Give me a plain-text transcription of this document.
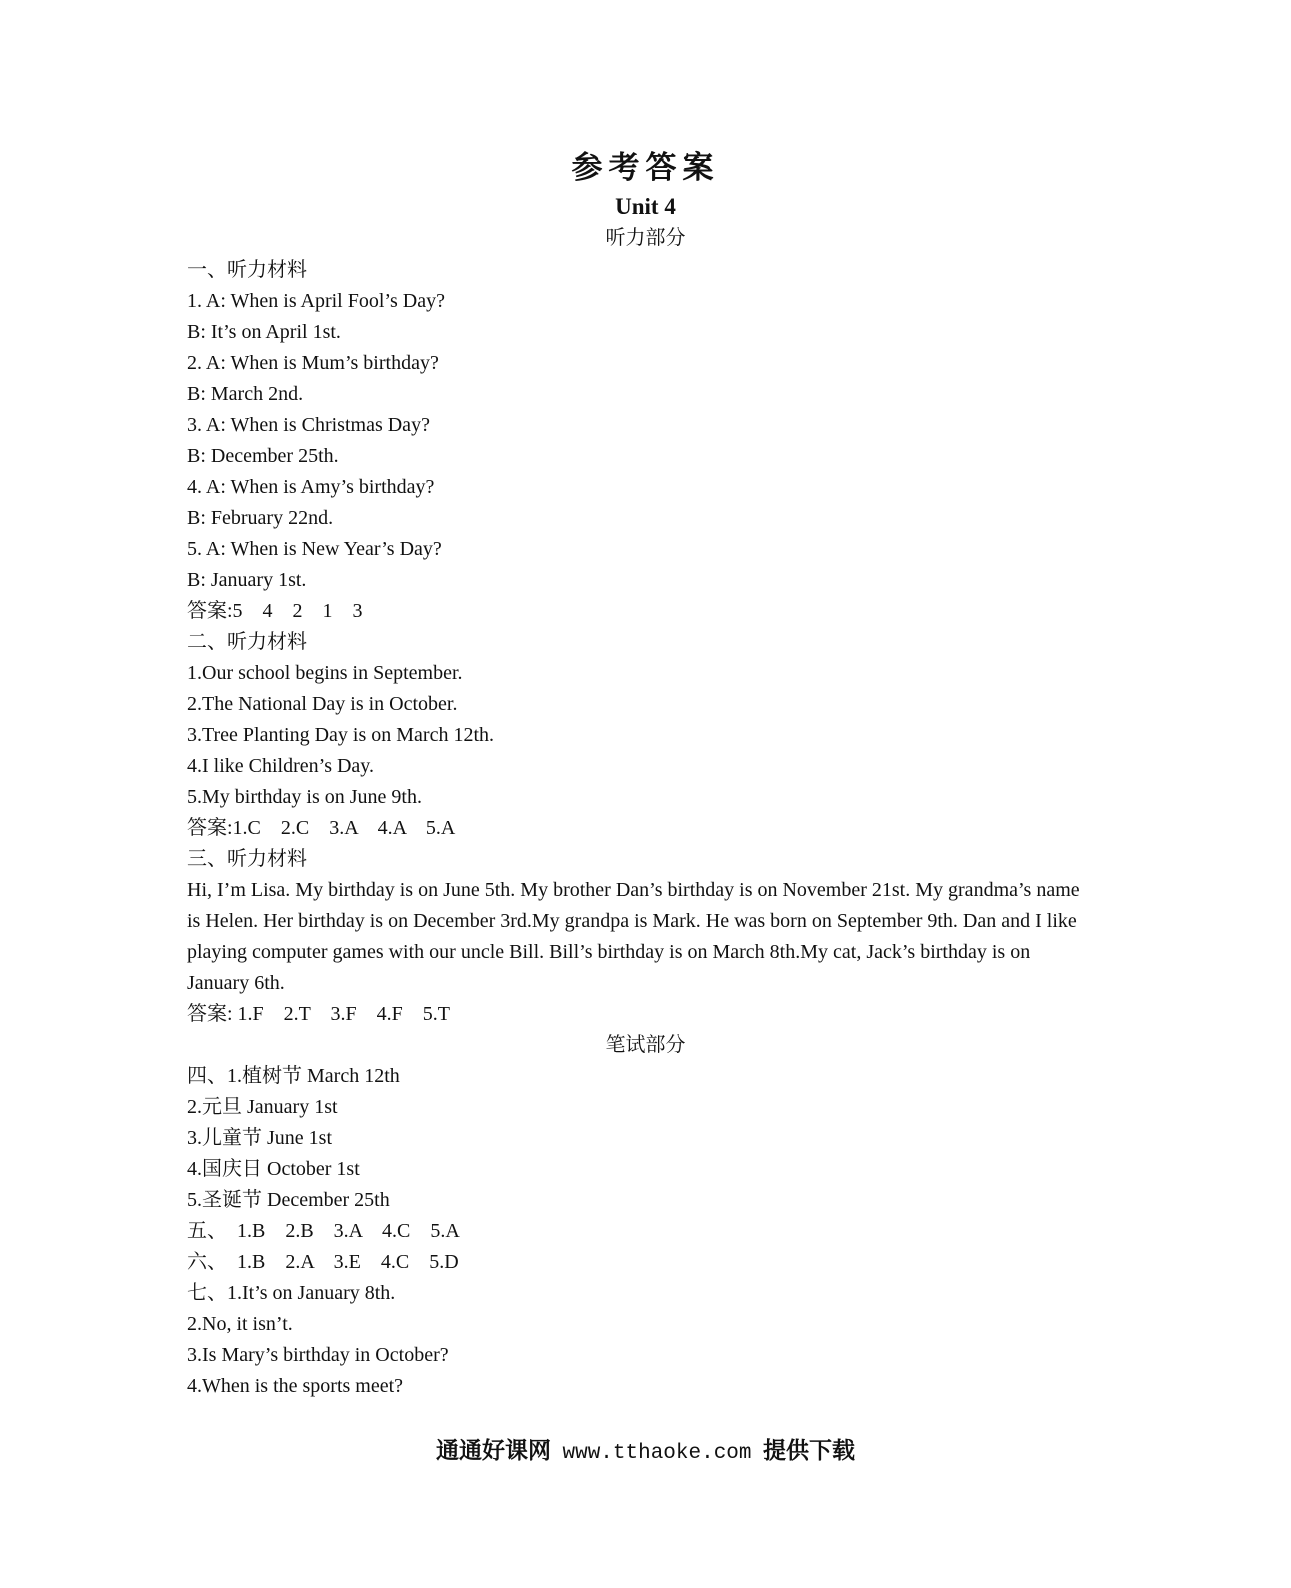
参考答案
Unit 4
听力部分
一、听力材料
1. A: When is April Fool’s Day?
B: It’s on April 1st.
2. A: When is Mum’s birthday?
B: March 2nd.
3. A: When is Christmas Day?
B: December 25th.
4. A: When is Amy’s birthday?
B: February 22nd.
5. A: When is New Year’s Day?
B: January 1st.
答案:5    4    2    1    3
二、听力材料
1.Our school begins in September.
2.The National Day is in October.
3.Tree Planting Day is on March 12th.
4.I like Children’s Day.
5.My birthday is on June 9th.
答案:1.C    2.C    3.A    4.A    5.A
三、听力材料
Hi, I’m Lisa. My birthday is on June 5th. My brother Dan’s birthday is on November 21st. My grandma’s name is Helen. Her birthday is on December 3rd.My grandpa is Mark. He was born on September 9th. Dan and I like playing computer games with our uncle Bill. Bill’s birthday is on March 8th.My cat, Jack’s birthday is on January 6th.
答案: 1.F    2.T    3.F    4.F    5.T
笔试部分
四、1.植树节 March 12th
2.元旦 January 1st
3.儿童节 June 1st
4.国庆日 October 1st
5.圣诞节 December 25th
五、  1.B    2.B    3.A    4.C    5.A
六、  1.B    2.A    3.E    4.C    5.D
七、1.It’s on January 8th.
2.No, it isn’t.
3.Is Mary’s birthday in October?
4.When is the sports meet?
通通好课网 www.tthaoke.com 提供下载
